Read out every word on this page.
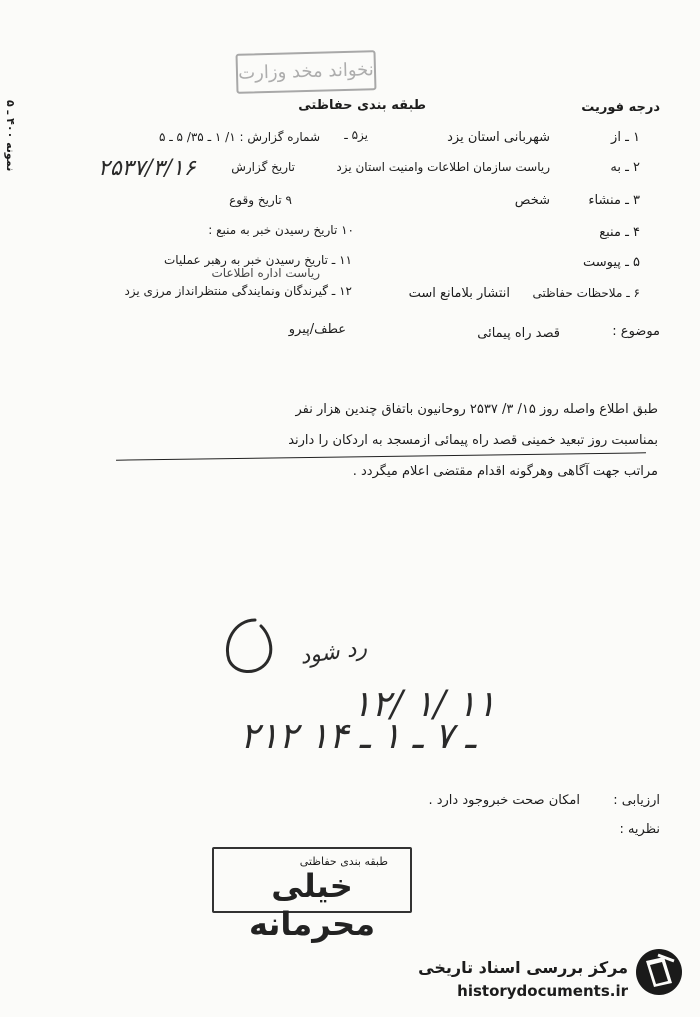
نخواند مخد وزارت
نمونه ۴۰۰ ـ ۵
درجه فوریت
طبقه بندی حفاظتی
۱ ـ از
شهربانی استان یزد
یز۵ ـ
شماره گزارش : ۱/ ۱ ـ ۳۵/ ۵ ـ ۵
۲ ـ به
ریاست سازمان اطلاعات وامنیت استان یزد
تاریخ گزارش
۲۵۳۷/۳/۱۶
۳ ـ منشاء
شخص
۹ تاریخ وقوع
۴ ـ منبع
۱۰ تاریخ رسیدن خبر به منبع :
۵ ـ پیوست
۱۱ ـ تاریخ رسیدن خبر به رهبر عملیات
ریاست اداره اطلاعات
۶ ـ ملاحظات حفاظتی
انتشار بلامانع است
۱۲ ـ گیرندگان ونمایندگی منتظرانداز مرزی یزد
موضوع :
قصد راه پیمائی
عطف/پیرو
طبق اطلاع واصله روز ۱۵/ ۳/ ۲۵۳۷ روحانیون باتفاق چندین هزار نفر
بمناسبت روز تبعید خمینی قصد راه پیمائی ازمسجد به اردکان را دارند
مراتب جهت آگاهی وهرگونه اقدام مقتضی اعلام میگردد .
رد شود
۱۲/ ۱/ ۱۱
۲۱۲ ـ ۷ ـ ۱ ـ ۱۴
ارزیابی :
امکان صحت خبروجود دارد .
نظریه :
طبقه بندی حفاظتی
خیلی محرمانه
مرکز بررسی اسناد تاریخی
historydocuments.ir
